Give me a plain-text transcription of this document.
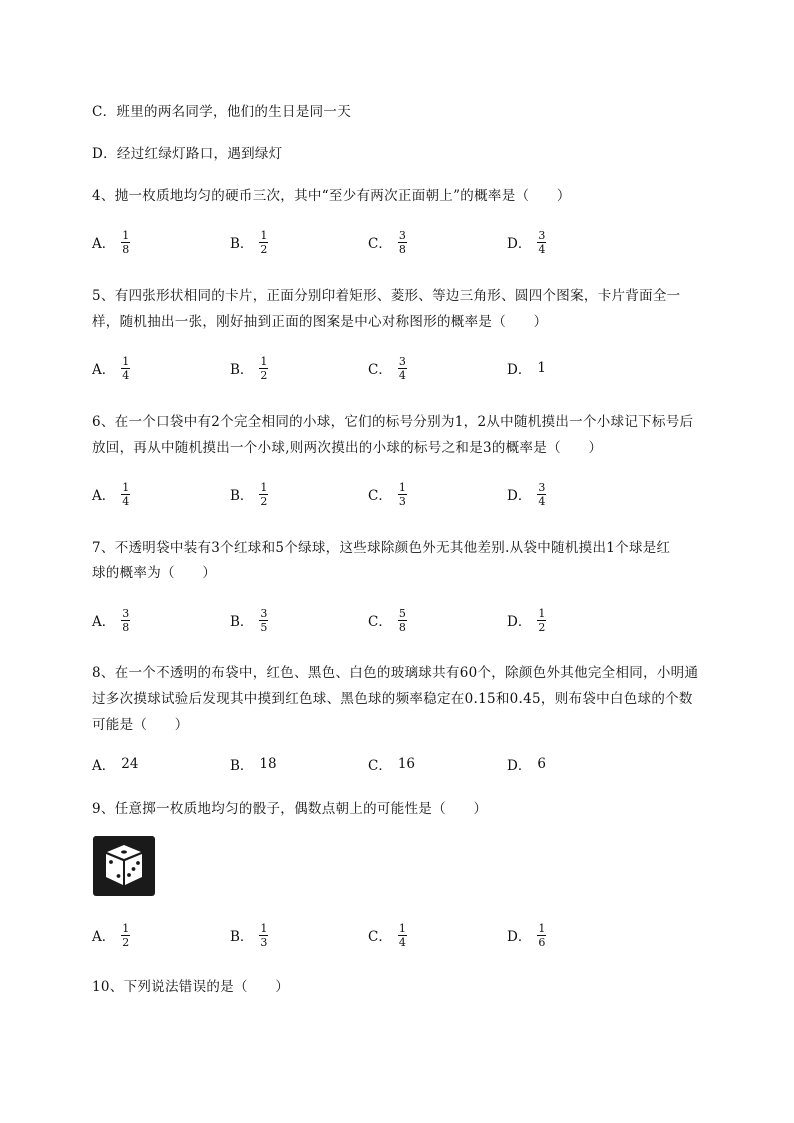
C．班里的两名同学，他们的生日是同一天
D．经过红绿灯路口，遇到绿灯
4、抛一枚质地均匀的硬币三次，其中“至少有两次正面朝上”的概率是（　　）
A． $\frac{1}{8}$	B． $\frac{1}{2}$	C． $\frac{3}{8}$	D． $\frac{3}{4}$
5、有四张形状相同的卡片，正面分别印着矩形、菱形、等边三角形、圆四个图案，卡片背面全一
样，随机抽出一张，刚好抽到正面的图案是中心对称图形的概率是（　　）
A． $\frac{1}{4}$	B． $\frac{1}{2}$	C． $\frac{3}{4}$	D． 1
6、在一个口袋中有2个完全相同的小球，它们的标号分别为1，2从中随机摸出一个小球记下标号后
放回，再从中随机摸出一个小球,则两次摸出的小球的标号之和是3的概率是（　　）
A． $\frac{1}{4}$	B． $\frac{1}{2}$	C． $\frac{1}{3}$	D． $\frac{3}{4}$
7、不透明袋中装有3个红球和5个绿球，这些球除颜色外无其他差别.从袋中随机摸出1个球是红
球的概率为（　　）
A． $\frac{3}{8}$	B． $\frac{3}{5}$	C． $\frac{5}{8}$	D． $\frac{1}{2}$
8、在一个不透明的布袋中，红色、黑色、白色的玻璃球共有60个，除颜色外其他完全相同，小明通
过多次摸球试验后发现其中摸到红色球、黑色球的频率稳定在0.15和0.45，则布袋中白色球的个数
可能是（　　）
A． 24	B． 18	C． 16	D． 6
9、任意掷一枚质地均匀的骰子，偶数点朝上的可能性是（　　）
A． $\frac{1}{2}$	B． $\frac{1}{3}$	C． $\frac{1}{4}$	D． $\frac{1}{6}$
10、下列说法错误的是（　　）
